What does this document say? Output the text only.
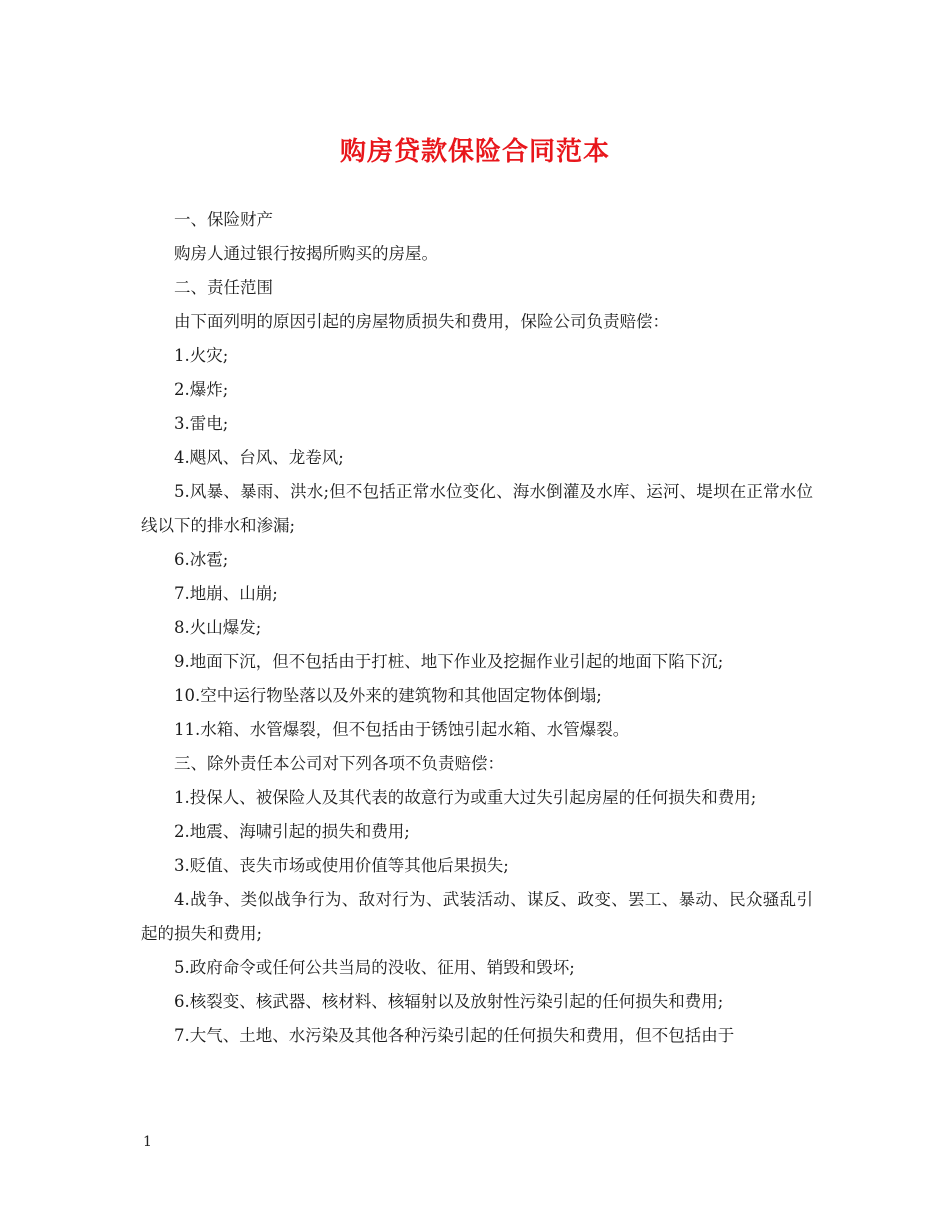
购房贷款保险合同范本

一、保险财产

购房人通过银行按揭所购买的房屋。

二、责任范围

由下面列明的原因引起的房屋物质损失和费用，保险公司负责赔偿：

1.火灾;

2.爆炸;

3.雷电;

4.飓风、台风、龙卷风;

5.风暴、暴雨、洪水;但不包括正常水位变化、海水倒灌及水库、运河、堤坝在正常水位线以下的排水和渗漏;

6.冰雹;

7.地崩、山崩;

8.火山爆发;

9.地面下沉，但不包括由于打桩、地下作业及挖掘作业引起的地面下陷下沉;

10.空中运行物坠落以及外来的建筑物和其他固定物体倒塌;

11.水箱、水管爆裂，但不包括由于锈蚀引起水箱、水管爆裂。

三、除外责任本公司对下列各项不负责赔偿：

1.投保人、被保险人及其代表的故意行为或重大过失引起房屋的任何损失和费用;

2.地震、海啸引起的损失和费用;

3.贬值、丧失市场或使用价值等其他后果损失;

4.战争、类似战争行为、敌对行为、武装活动、谋反、政变、罢工、暴动、民众骚乱引起的损失和费用;

5.政府命令或任何公共当局的没收、征用、销毁和毁坏;

6.核裂变、核武器、核材料、核辐射以及放射性污染引起的任何损失和费用;

7.大气、土地、水污染及其他各种污染引起的任何损失和费用，但不包括由于

1
